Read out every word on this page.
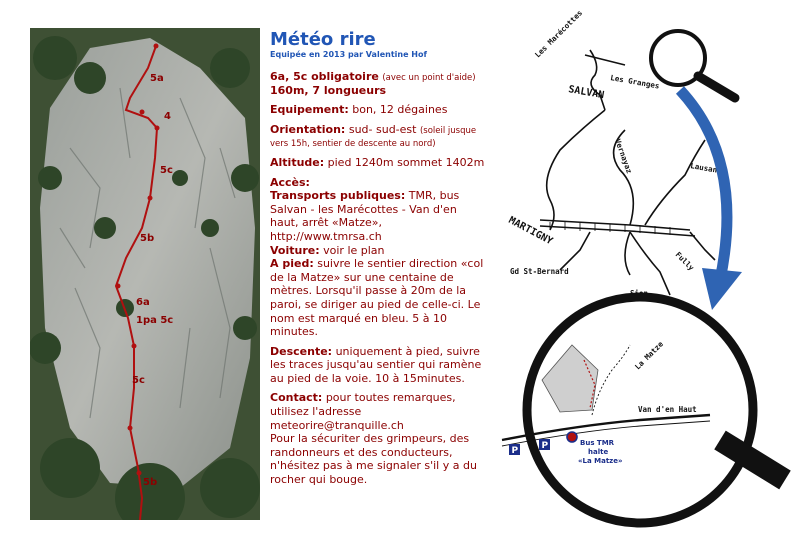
5a
4
5c
5b
6a
1pa 5c
5c
5b
Météo rire
Equipée en 2013 par Valentine Hof
6a, 5c obligatoire (avec un point d'aide)
160m, 7 longueurs
Equipement: bon, 12 dégaines
Orientation: sud- sud-est (soleil jusque vers 15h, sentier de descente au nord)
Altitude: pied 1240m sommet 1402m
Accès:
Transports publiques: TMR, bus Salvan - les Marécottes - Van d'en haut, arrêt «Matze», http://www.tmrsa.ch
Voiture: voir le plan
A pied: suivre le sentier direction «col de la Matze» sur une centaine de mètres. Lorsqu'il passe à 20m de la paroi, se diriger au pied de celle-ci. Le nom est marqué en bleu. 5 à 10 minutes.
Descente: uniquement à pied, suivre les traces jusqu'au sentier qui ramène au pied de la voie. 10 à 15minutes.
Contact: pour toutes remarques, utilisez l'adresse
meteorire@tranquille.ch
Pour la sécuriter des grimpeurs, des randonneurs et des conducteurs, n'hésitez pas à me signaler s'il y a du rocher qui bouge.
Les Marécottes
Les Granges
SALVAN
Vernayaz	Lausanne
MARTIGNY
Fully
Gd St-Bernard
La Matze
Van d'en Haut
P	P	Bus TMR
halte
«La Matze»
